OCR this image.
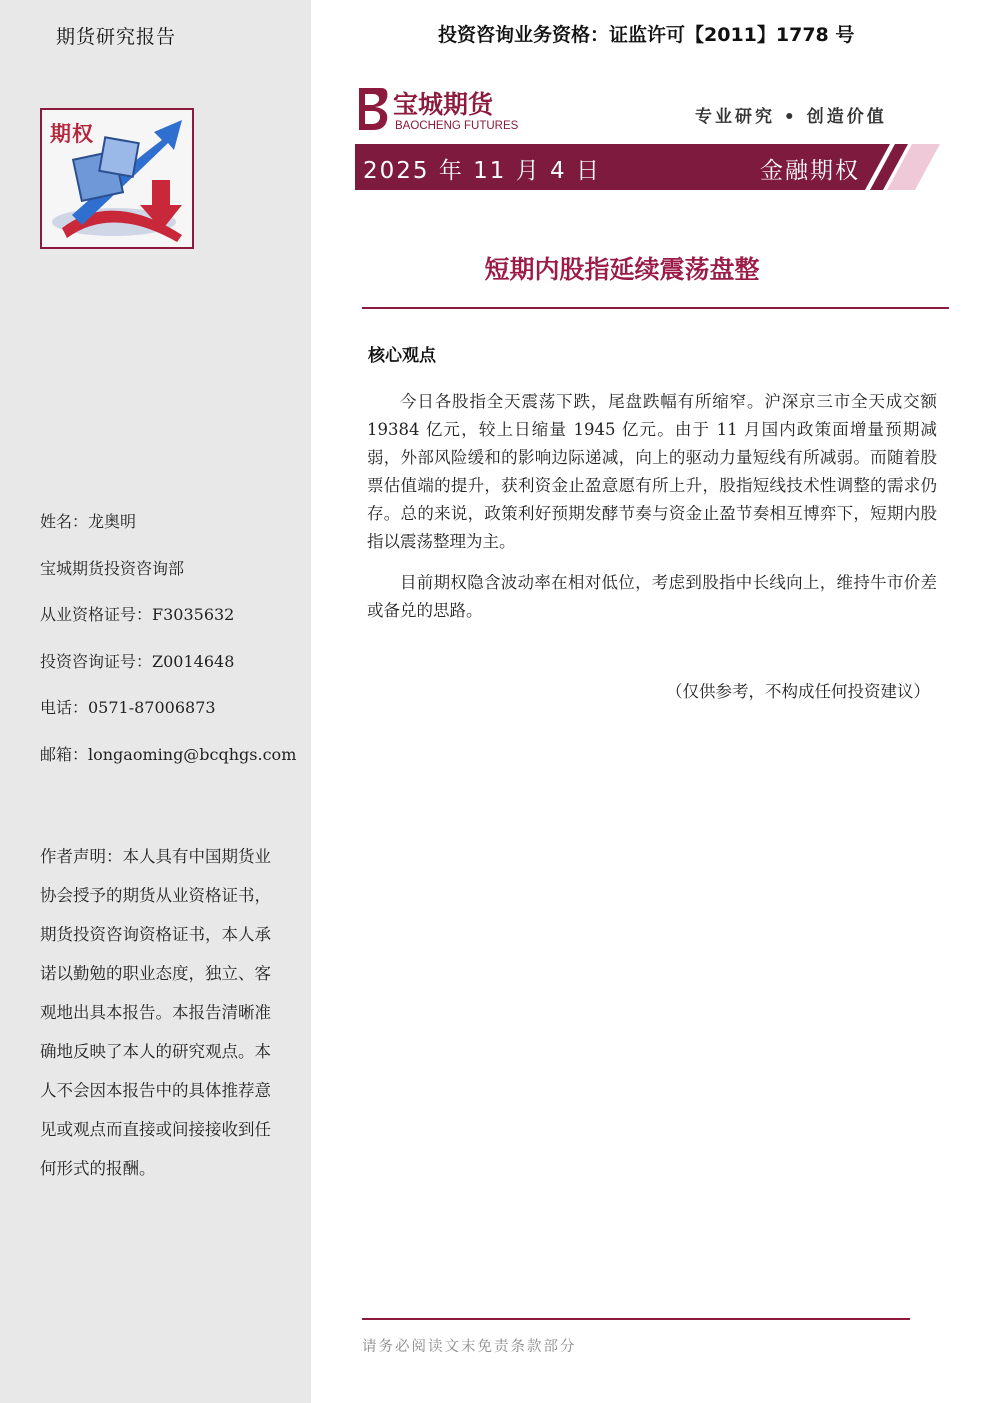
期货研究报告
期权
姓名：龙奥明
宝城期货投资咨询部
从业资格证号：F3035632
投资咨询证号：Z0014648
电话：0571-87006873
邮箱：longaoming@bcqhgs.com
作者声明：本人具有中国期货业协会授予的期货从业资格证书，期货投资咨询资格证书，本人承诺以勤勉的职业态度，独立、客观地出具本报告。本报告清晰准确地反映了本人的研究观点。本人不会因本报告中的具体推荐意见或观点而直接或间接接收到任何形式的报酬。
投资咨询业务资格：证监许可【2011】1778 号
宝城期货
BAOCHENG FUTURES	专业研究 • 创造价值
2025 年 11 月 4 日	金融期权
短期内股指延续震荡盘整
核心观点

今日各股指全天震荡下跌，尾盘跌幅有所缩窄。沪深京三市全天成交额 19384 亿元，较上日缩量 1945 亿元。由于 11 月国内政策面增量预期减弱，外部风险缓和的影响边际递减，向上的驱动力量短线有所减弱。而随着股票估值端的提升，获利资金止盈意愿有所上升，股指短线技术性调整的需求仍存。总的来说，政策利好预期发酵节奏与资金止盈节奏相互博弈下，短期内股指以震荡整理为主。

目前期权隐含波动率在相对低位，考虑到股指中长线向上，维持牛市价差或备兑的思路。

（仅供参考，不构成任何投资建议）
请务必阅读文末免责条款部分
